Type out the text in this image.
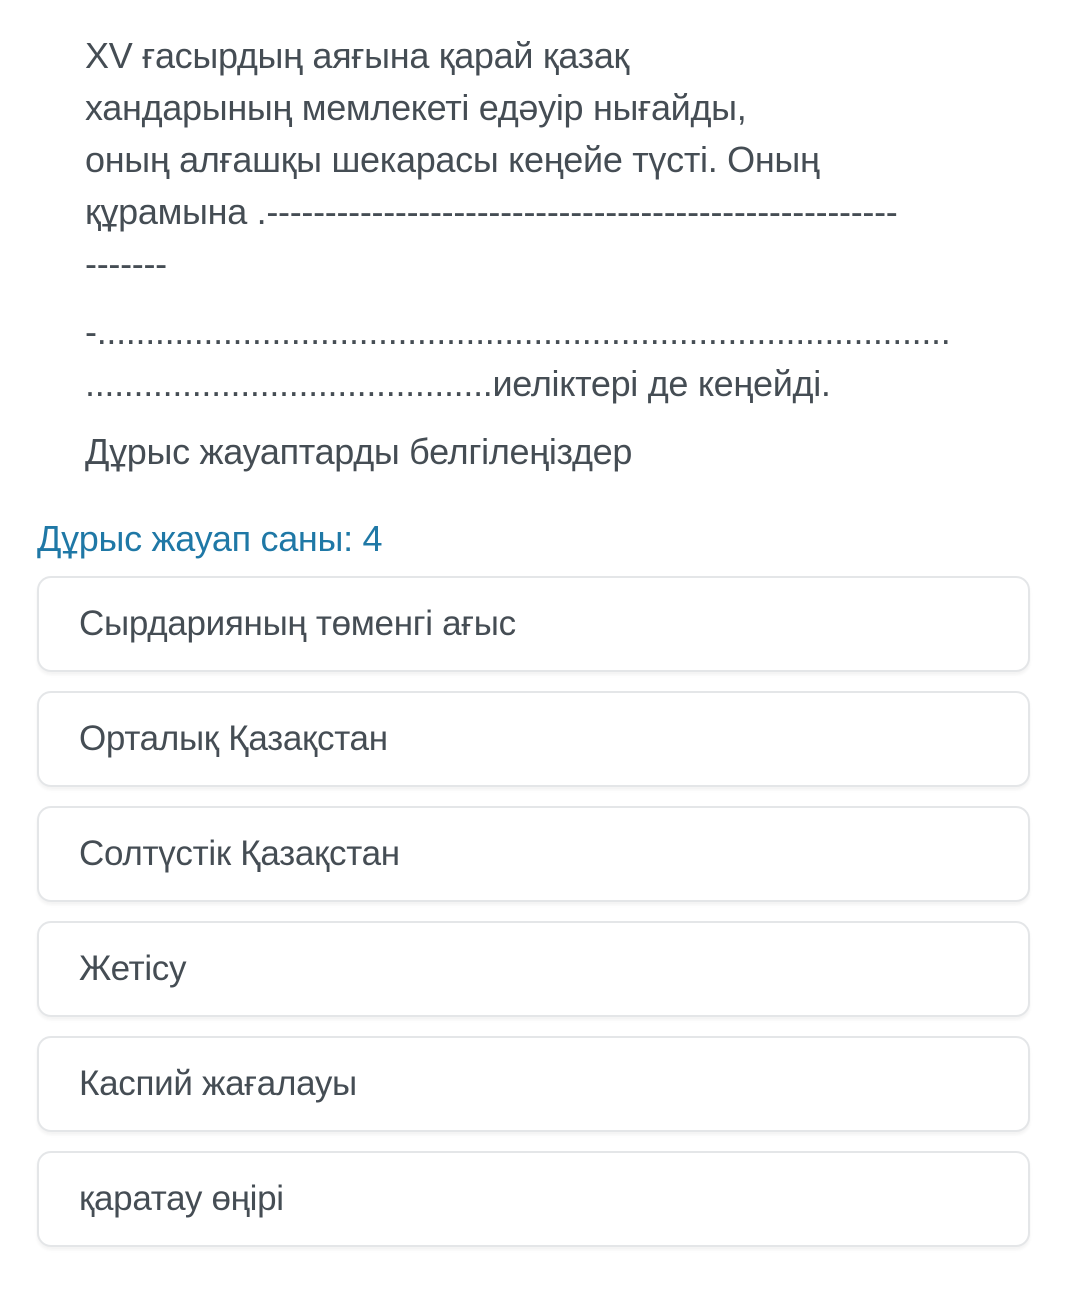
XV ғасырдың аяғына қарай қазақ
хандарының мемлекеті едәуір нығайды,
оның алғашқы шекарасы кеңейе түсті. Оның
құрамына .------------------------------------------------------
-------
-........................................................................................
..........................................иеліктері де кеңейді.
Дұрыс жауаптарды белгілеңіздер
Дұрыс жауап саны: 4
Сырдарияның төменгі ағыс
Орталық Қазақстан
Солтүстік Қазақстан
Жетісу
Каспий жағалауы
қаратау өңірі
